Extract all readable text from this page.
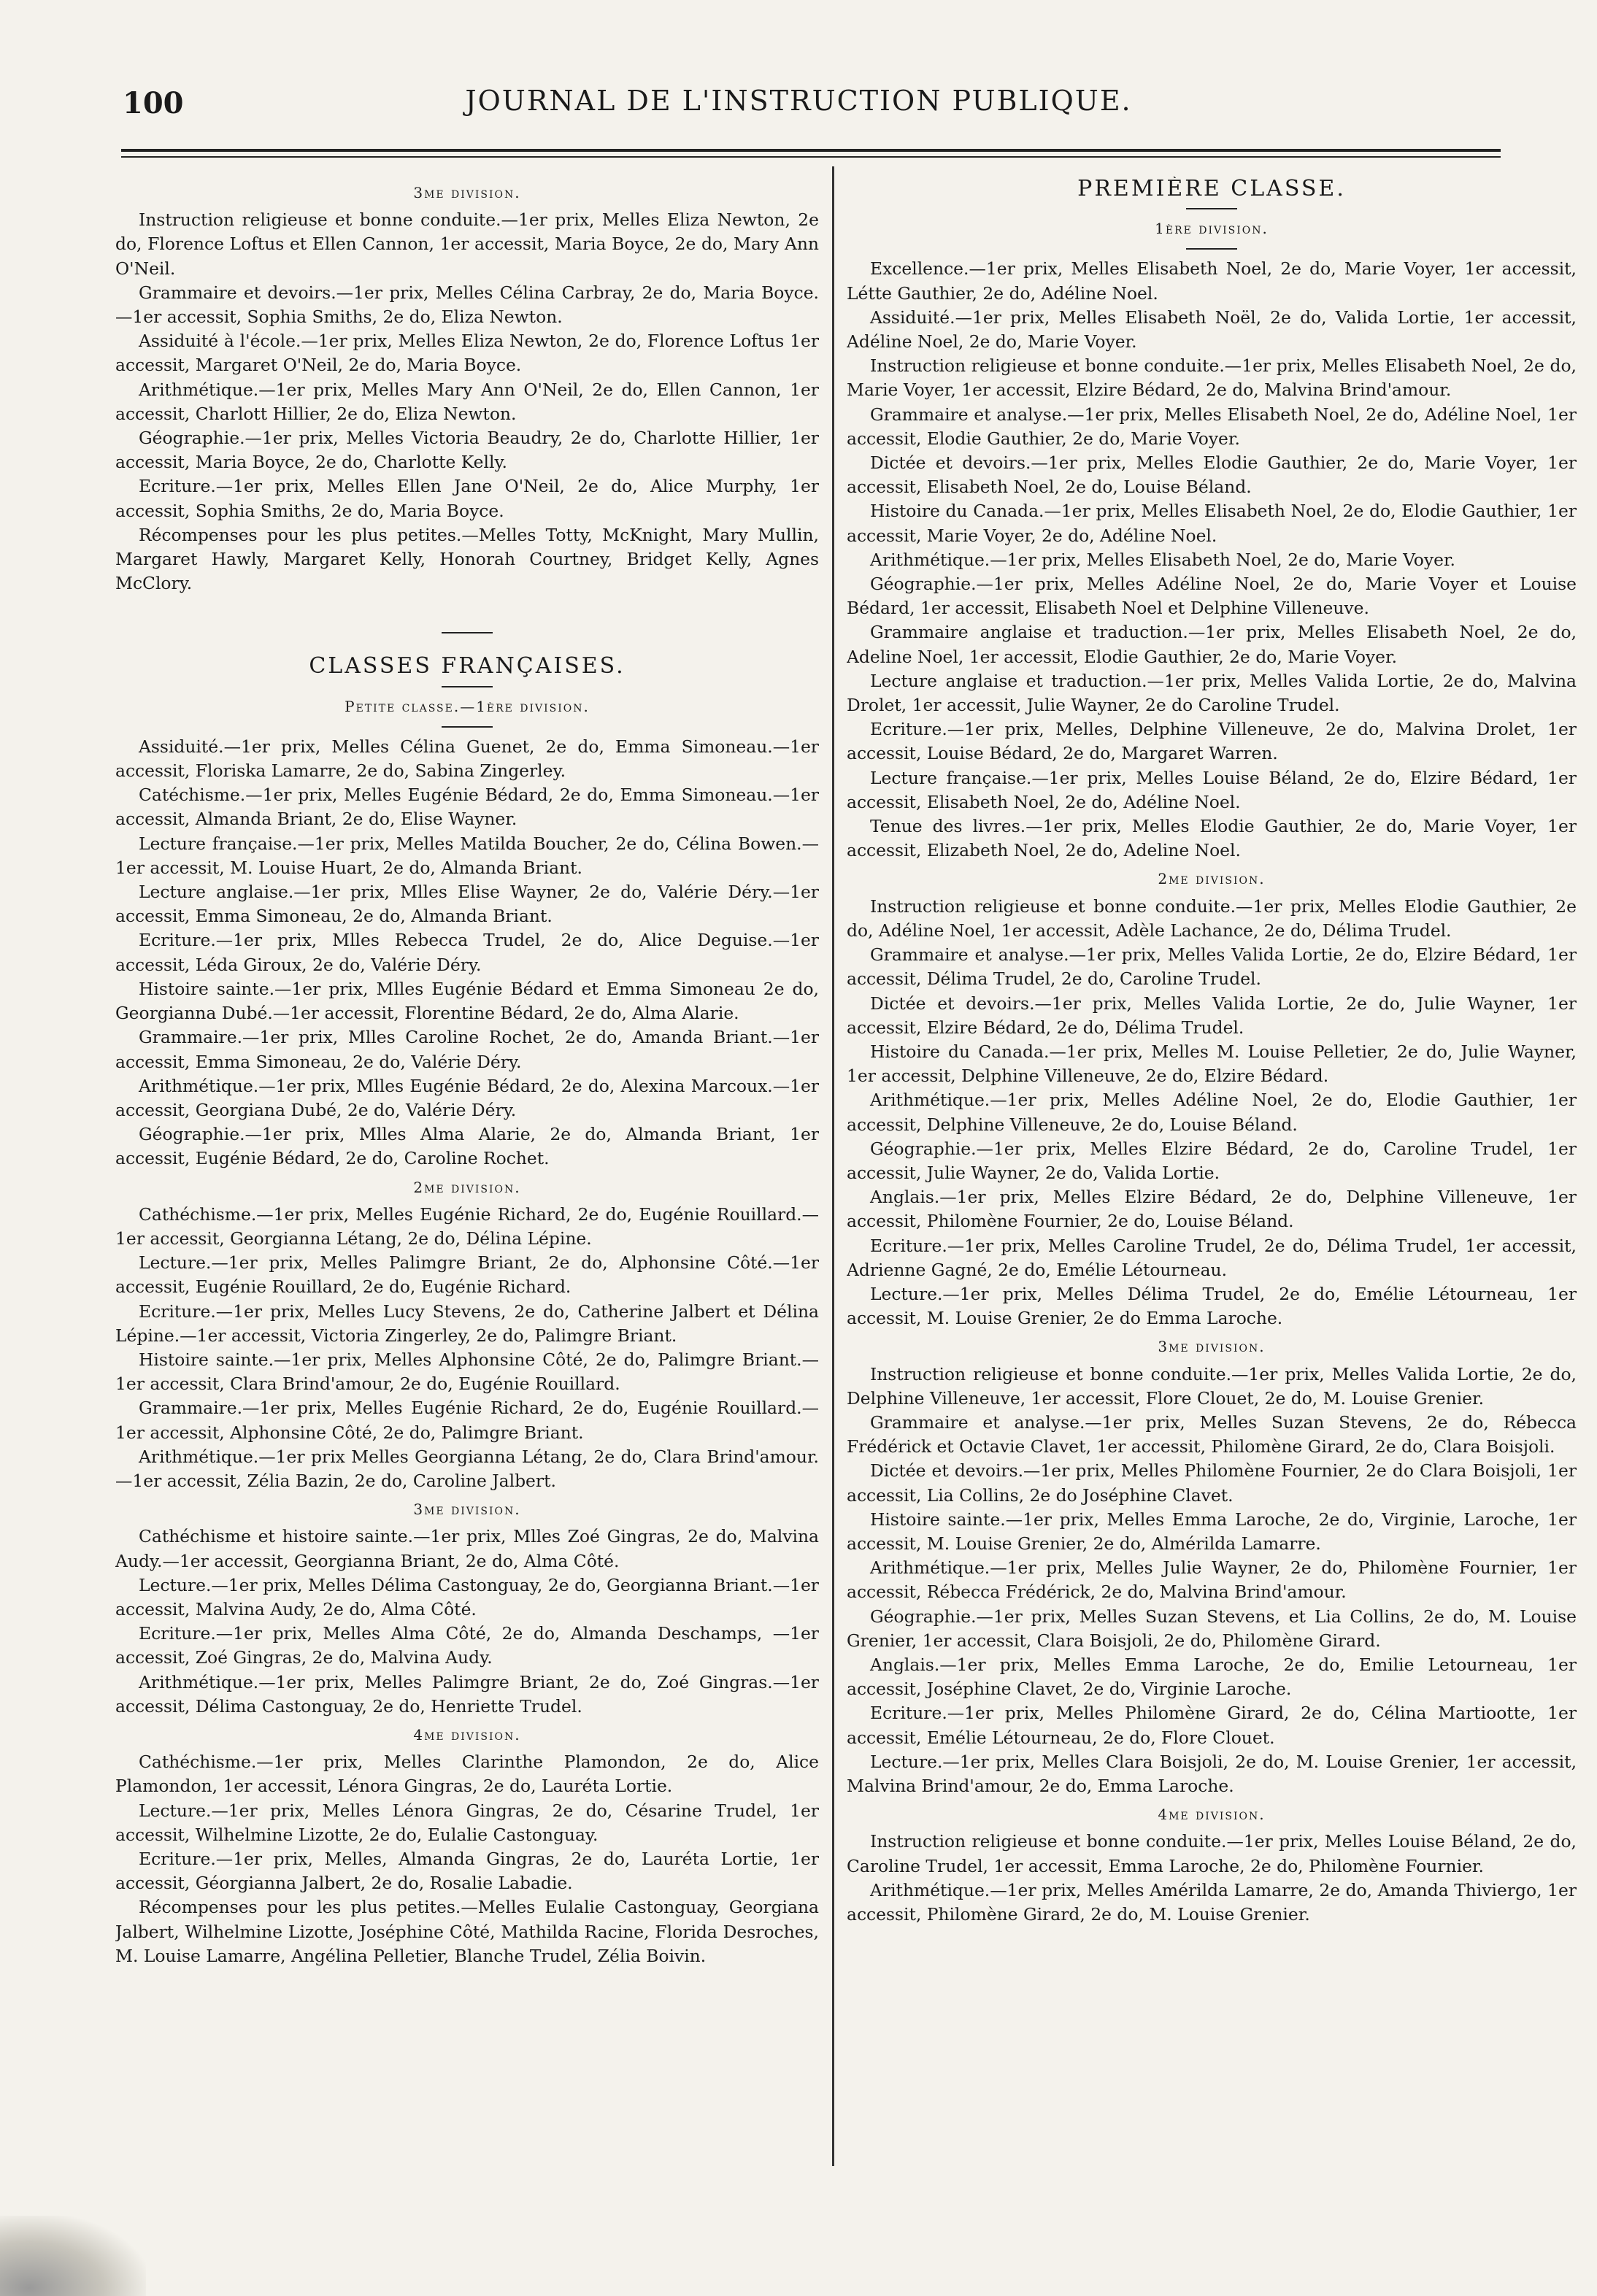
100	JOURNAL DE L'INSTRUCTION PUBLIQUE.
3me division.

Instruction religieuse et bonne conduite.—1er prix, Melles Eliza Newton, 2e do, Florence Loftus et Ellen Cannon, 1er accessit, Maria Boyce, 2e do, Mary Ann O'Neil.

Grammaire et devoirs.—1er prix, Melles Célina Carbray, 2e do, Maria Boyce.—1er accessit, Sophia Smiths, 2e do, Eliza Newton.

Assiduité à l'école.—1er prix, Melles Eliza Newton, 2e do, Florence Loftus 1er accessit, Margaret O'Neil, 2e do, Maria Boyce.

Arithmétique.—1er prix, Melles Mary Ann O'Neil, 2e do, Ellen Cannon, 1er accessit, Charlott Hillier, 2e do, Eliza Newton.

Géographie.—1er prix, Melles Victoria Beaudry, 2e do, Charlotte Hillier, 1er accessit, Maria Boyce, 2e do, Charlotte Kelly.

Ecriture.—1er prix, Melles Ellen Jane O'Neil, 2e do, Alice Murphy, 1er accessit, Sophia Smiths, 2e do, Maria Boyce.

Récompenses pour les plus petites.—Melles Totty, McKnight, Mary Mullin, Margaret Hawly, Margaret Kelly, Honorah Courtney, Bridget Kelly, Agnes McClory.

CLASSES FRANÇAISES.
Petite classe.—1ère division.

Assiduité.—1er prix, Melles Célina Guenet, 2e do, Emma Simoneau.—1er accessit, Floriska Lamarre, 2e do, Sabina Zingerley.

Catéchisme.—1er prix, Melles Eugénie Bédard, 2e do, Emma Simoneau.—1er accessit, Almanda Briant, 2e do, Elise Wayner.

Lecture française.—1er prix, Melles Matilda Boucher, 2e do, Célina Bowen.—1er accessit, M. Louise Huart, 2e do, Almanda Briant.

Lecture anglaise.—1er prix, Mlles Elise Wayner, 2e do, Valérie Déry.—1er accessit, Emma Simoneau, 2e do, Almanda Briant.

Ecriture.—1er prix, Mlles Rebecca Trudel, 2e do, Alice Deguise.—1er accessit, Léda Giroux, 2e do, Valérie Déry.

Histoire sainte.—1er prix, Mlles Eugénie Bédard et Emma Simoneau 2e do, Georgianna Dubé.—1er accessit, Florentine Bédard, 2e do, Alma Alarie.

Grammaire.—1er prix, Mlles Caroline Rochet, 2e do, Amanda Briant.—1er accessit, Emma Simoneau, 2e do, Valérie Déry.

Arithmétique.—1er prix, Mlles Eugénie Bédard, 2e do, Alexina Marcoux.—1er accessit, Georgiana Dubé, 2e do, Valérie Déry.

Géographie.—1er prix, Mlles Alma Alarie, 2e do, Almanda Briant, 1er accessit, Eugénie Bédard, 2e do, Caroline Rochet.

2me division.

Cathéchisme.—1er prix, Melles Eugénie Richard, 2e do, Eugénie Rouillard.—1er accessit, Georgianna Létang, 2e do, Délina Lépine.

Lecture.—1er prix, Melles Palimgre Briant, 2e do, Alphonsine Côté.—1er accessit, Eugénie Rouillard, 2e do, Eugénie Richard.

Ecriture.—1er prix, Melles Lucy Stevens, 2e do, Catherine Jalbert et Délina Lépine.—1er accessit, Victoria Zingerley, 2e do, Palimgre Briant.

Histoire sainte.—1er prix, Melles Alphonsine Côté, 2e do, Palimgre Briant.—1er accessit, Clara Brind'amour, 2e do, Eugénie Rouillard.

Grammaire.—1er prix, Melles Eugénie Richard, 2e do, Eugénie Rouillard.—1er accessit, Alphonsine Côté, 2e do, Palimgre Briant.

Arithmétique.—1er prix Melles Georgianna Létang, 2e do, Clara Brind'amour.—1er accessit, Zélia Bazin, 2e do, Caroline Jalbert.

3me division.

Cathéchisme et histoire sainte.—1er prix, Mlles Zoé Gingras, 2e do, Malvina Audy.—1er accessit, Georgianna Briant, 2e do, Alma Côté.

Lecture.—1er prix, Melles Délima Castonguay, 2e do, Georgianna Briant.—1er accessit, Malvina Audy, 2e do, Alma Côté.

Ecriture.—1er prix, Melles Alma Côté, 2e do, Almanda Deschamps, —1er accessit, Zoé Gingras, 2e do, Malvina Audy.

Arithmétique.—1er prix, Melles Palimgre Briant, 2e do, Zoé Gingras.—1er accessit, Délima Castonguay, 2e do, Henriette Trudel.

4me division.

Cathéchisme.—1er prix, Melles Clarinthe Plamondon, 2e do, Alice Plamondon, 1er accessit, Lénora Gingras, 2e do, Lauréta Lortie.

Lecture.—1er prix, Melles Lénora Gingras, 2e do, Césarine Trudel, 1er accessit, Wilhelmine Lizotte, 2e do, Eulalie Castonguay.

Ecriture.—1er prix, Melles, Almanda Gingras, 2e do, Lauréta Lortie, 1er accessit, Géorgianna Jalbert, 2e do, Rosalie Labadie.

Récompenses pour les plus petites.—Melles Eulalie Castonguay, Georgiana Jalbert, Wilhelmine Lizotte, Joséphine Côté, Mathilda Racine, Florida Desroches, M. Louise Lamarre, Angélina Pelletier, Blanche Trudel, Zélia Boivin.

PREMIÈRE CLASSE.
1ère division.

Excellence.—1er prix, Melles Elisabeth Noel, 2e do, Marie Voyer, 1er accessit, Létte Gauthier, 2e do, Adéline Noel.

Assiduité.—1er prix, Melles Elisabeth Noël, 2e do, Valida Lortie, 1er accessit, Adéline Noel, 2e do, Marie Voyer.

Instruction religieuse et bonne conduite.—1er prix, Melles Elisabeth Noel, 2e do, Marie Voyer, 1er accessit, Elzire Bédard, 2e do, Malvina Brind'amour.

Grammaire et analyse.—1er prix, Melles Elisabeth Noel, 2e do, Adéline Noel, 1er accessit, Elodie Gauthier, 2e do, Marie Voyer.

Dictée et devoirs.—1er prix, Melles Elodie Gauthier, 2e do, Marie Voyer, 1er accessit, Elisabeth Noel, 2e do, Louise Béland.

Histoire du Canada.—1er prix, Melles Elisabeth Noel, 2e do, Elodie Gauthier, 1er accessit, Marie Voyer, 2e do, Adéline Noel.

Arithmétique.—1er prix, Melles Elisabeth Noel, 2e do, Marie Voyer.

Géographie.—1er prix, Melles Adéline Noel, 2e do, Marie Voyer et Louise Bédard, 1er accessit, Elisabeth Noel et Delphine Villeneuve.

Grammaire anglaise et traduction.—1er prix, Melles Elisabeth Noel, 2e do, Adeline Noel, 1er accessit, Elodie Gauthier, 2e do, Marie Voyer.

Lecture anglaise et traduction.—1er prix, Melles Valida Lortie, 2e do, Malvina Drolet, 1er accessit, Julie Wayner, 2e do Caroline Trudel.

Ecriture.—1er prix, Melles, Delphine Villeneuve, 2e do, Malvina Drolet, 1er accessit, Louise Bédard, 2e do, Margaret Warren.

Lecture française.—1er prix, Melles Louise Béland, 2e do, Elzire Bédard, 1er accessit, Elisabeth Noel, 2e do, Adéline Noel.

Tenue des livres.—1er prix, Melles Elodie Gauthier, 2e do, Marie Voyer, 1er accessit, Elizabeth Noel, 2e do, Adeline Noel.

2me division.

Instruction religieuse et bonne conduite.—1er prix, Melles Elodie Gauthier, 2e do, Adéline Noel, 1er accessit, Adèle Lachance, 2e do, Délima Trudel.

Grammaire et analyse.—1er prix, Melles Valida Lortie, 2e do, Elzire Bédard, 1er accessit, Délima Trudel, 2e do, Caroline Trudel.

Dictée et devoirs.—1er prix, Melles Valida Lortie, 2e do, Julie Wayner, 1er accessit, Elzire Bédard, 2e do, Délima Trudel.

Histoire du Canada.—1er prix, Melles M. Louise Pelletier, 2e do, Julie Wayner, 1er accessit, Delphine Villeneuve, 2e do, Elzire Bédard.

Arithmétique.—1er prix, Melles Adéline Noel, 2e do, Elodie Gauthier, 1er accessit, Delphine Villeneuve, 2e do, Louise Béland.

Géographie.—1er prix, Melles Elzire Bédard, 2e do, Caroline Trudel, 1er accessit, Julie Wayner, 2e do, Valida Lortie.

Anglais.—1er prix, Melles Elzire Bédard, 2e do, Delphine Villeneuve, 1er accessit, Philomène Fournier, 2e do, Louise Béland.

Ecriture.—1er prix, Melles Caroline Trudel, 2e do, Délima Trudel, 1er accessit, Adrienne Gagné, 2e do, Emélie Létourneau.

Lecture.—1er prix, Melles Délima Trudel, 2e do, Emélie Létourneau, 1er accessit, M. Louise Grenier, 2e do Emma Laroche.

3me division.

Instruction religieuse et bonne conduite.—1er prix, Melles Valida Lortie, 2e do, Delphine Villeneuve, 1er accessit, Flore Clouet, 2e do, M. Louise Grenier.

Grammaire et analyse.—1er prix, Melles Suzan Stevens, 2e do, Rébecca Frédérick et Octavie Clavet, 1er accessit, Philomène Girard, 2e do, Clara Boisjoli.

Dictée et devoirs.—1er prix, Melles Philomène Fournier, 2e do Clara Boisjoli, 1er accessit, Lia Collins, 2e do Joséphine Clavet.

Histoire sainte.—1er prix, Melles Emma Laroche, 2e do, Virginie, Laroche, 1er accessit, M. Louise Grenier, 2e do, Almérilda Lamarre.

Arithmétique.—1er prix, Melles Julie Wayner, 2e do, Philomène Fournier, 1er accessit, Rébecca Frédérick, 2e do, Malvina Brind'amour.

Géographie.—1er prix, Melles Suzan Stevens, et Lia Collins, 2e do, M. Louise Grenier, 1er accessit, Clara Boisjoli, 2e do, Philomène Girard.

Anglais.—1er prix, Melles Emma Laroche, 2e do, Emilie Letourneau, 1er accessit, Joséphine Clavet, 2e do, Virginie Laroche.

Ecriture.—1er prix, Melles Philomène Girard, 2e do, Célina Martiootte, 1er accessit, Emélie Létourneau, 2e do, Flore Clouet.

Lecture.—1er prix, Melles Clara Boisjoli, 2e do, M. Louise Grenier, 1er accessit, Malvina Brind'amour, 2e do, Emma Laroche.

4me division.

Instruction religieuse et bonne conduite.—1er prix, Melles Louise Béland, 2e do, Caroline Trudel, 1er accessit, Emma Laroche, 2e do, Philomène Fournier.

Arithmétique.—1er prix, Melles Amérilda Lamarre, 2e do, Amanda Thiviergo, 1er accessit, Philomène Girard, 2e do, M. Louise Grenier.
